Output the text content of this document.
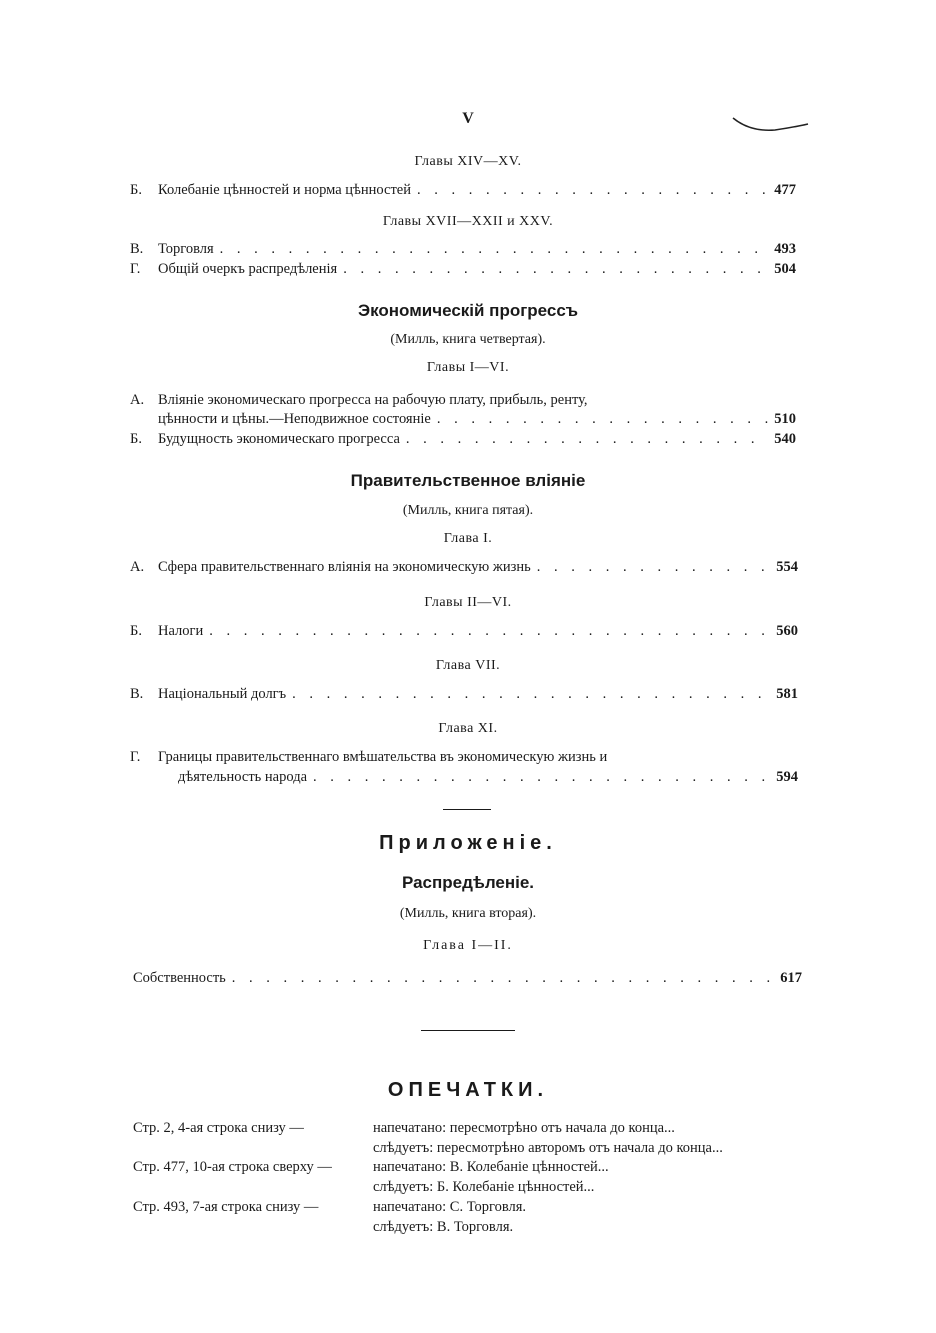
V
Главы XIV—XV.
Б.	Колебаніе цѣнностей и норма цѣнностей . . .	477
Главы XVII—XXII и XXV.
В.	Торговля . . .	493
Г.	Общій очеркъ распредѣленія . . .	504
Экономическій прогрессъ
(Милль, книга четвертая).
Главы I—VI.
А. Вліяніе экономическаго прогресса на рабочую плату, прибыль, ренту,
цѣнности и цѣны.—Неподвижное состояніе . . .	510
Б.	Будущность экономическаго прогресса . . .	540
Правительственное вліяніе
(Милль, книга пятая).
Глава I.
А. Сфера правительственнаго вліянія на экономическую жизнь . . .	554
Главы II—VI.
Б.	Налоги . . .	560
Глава VII.
В.	Національный долгъ . . .	581
Глава XI.
Г.	Границы правительственнаго вмѣшательства въ экономическую жизнь и
дѣятельность народа . . .	594
Приложеніе.
Распредѣленіе.
(Милль, книга вторая).
Глава I—II.
Собственность . . .	617
ОПЕЧАТКИ.
Стр. 2, 4-ая строка снизу —	напечатано: пересмотрѣно отъ начала до конца...
слѣдуетъ: пересмотрѣно авторомъ отъ начала до конца...
Стр. 477, 10-ая строка сверху —	напечатано: В. Колебаніе цѣнностей...
слѣдуетъ: Б. Колебаніе цѣнностей...
Стр. 493, 7-ая строка снизу —	напечатано: С. Торговля.
слѣдуетъ: В. Торговля.
